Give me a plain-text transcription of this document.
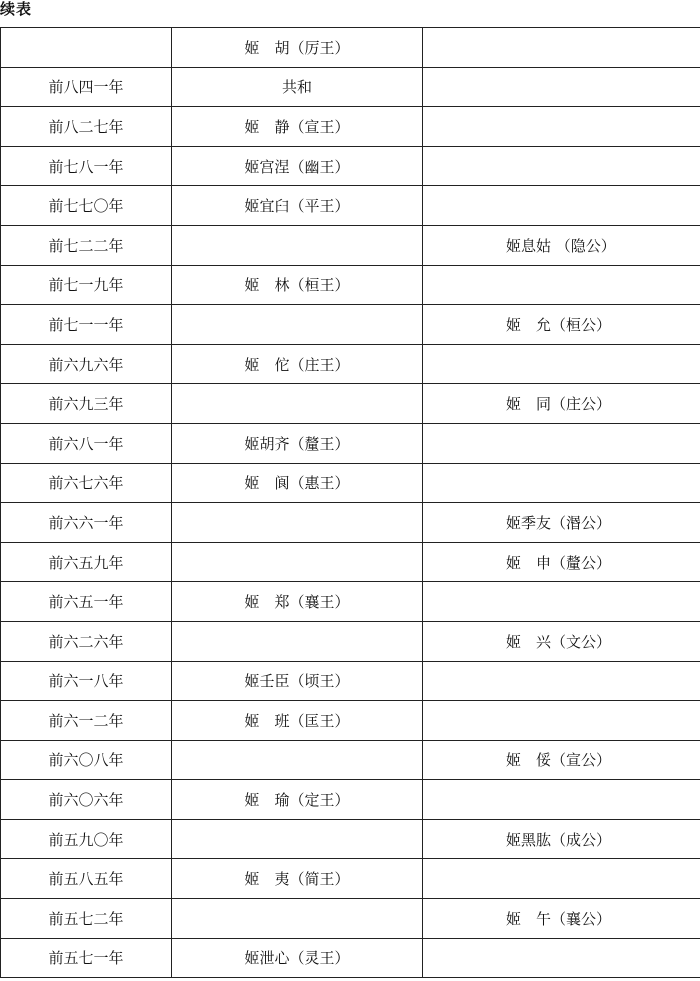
续表
	姬　胡（厉王）	
前八四一年	共和	
前八二七年	姬　静（宣王）	
前七八一年	姬宫涅（幽王）	
前七七〇年	姬宜臼（平王）	
前七二二年		姬息姑 （隐公）
前七一九年	姬　林（桓王）	
前七一一年		姬　允（桓公）
前六九六年	姬　佗（庄王）	
前六九三年		姬　同（庄公）
前六八一年	姬胡齐（釐王）	
前六七六年	姬　阆（惠王）	
前六六一年		姬季友（湣公）
前六五九年		姬　申（釐公）
前六五一年	姬　郑（襄王）	
前六二六年		姬　兴（文公）
前六一八年	姬壬臣（顷王）	
前六一二年	姬　班（匡王）	
前六〇八年		姬　俀（宣公）
前六〇六年	姬　瑜（定王）	
前五九〇年		姬黑肱（成公）
前五八五年	姬　夷（简王）	
前五七二年		姬　午（襄公）
前五七一年	姬泄心（灵王）	
